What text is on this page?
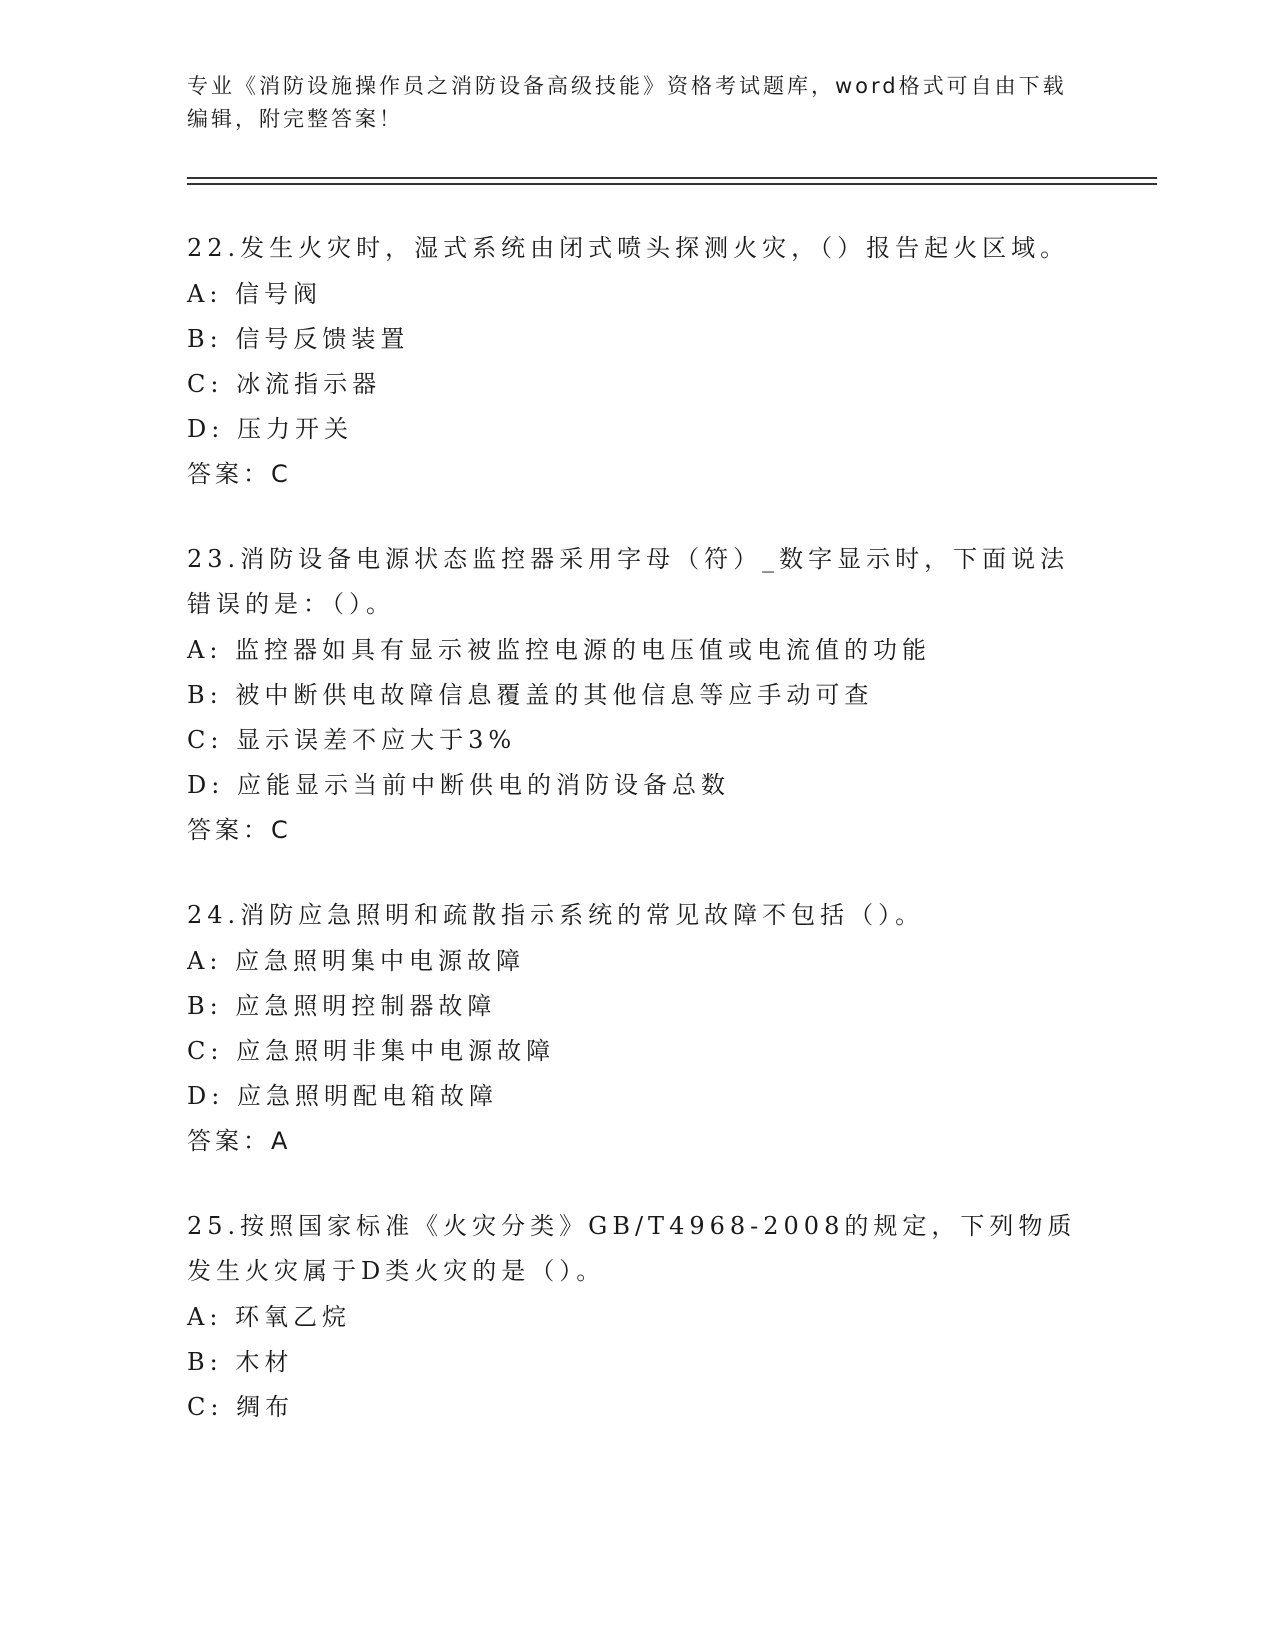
专业《消防设施操作员之消防设备高级技能》资格考试题库，word格式可自由下载编辑，附完整答案！
22.发生火灾时，湿式系统由闭式喷头探测火灾，（）报告起火区域。
A: 信号阀
B: 信号反馈装置
C: 冰流指示器
D: 压力开关
答案：C
23.消防设备电源状态监控器采用字母（符）_数字显示时，下面说法错误的是：（）。
A: 监控器如具有显示被监控电源的电压值或电流值的功能
B: 被中断供电故障信息覆盖的其他信息等应手动可查
C: 显示误差不应大于3%
D: 应能显示当前中断供电的消防设备总数
答案：C
24.消防应急照明和疏散指示系统的常见故障不包括（）。
A: 应急照明集中电源故障
B: 应急照明控制器故障
C: 应急照明非集中电源故障
D: 应急照明配电箱故障
答案：A
25.按照国家标准《火灾分类》GB/T4968-2008的规定，下列物质发生火灾属于D类火灾的是（）。
A: 环氧乙烷
B: 木材
C: 绸布
